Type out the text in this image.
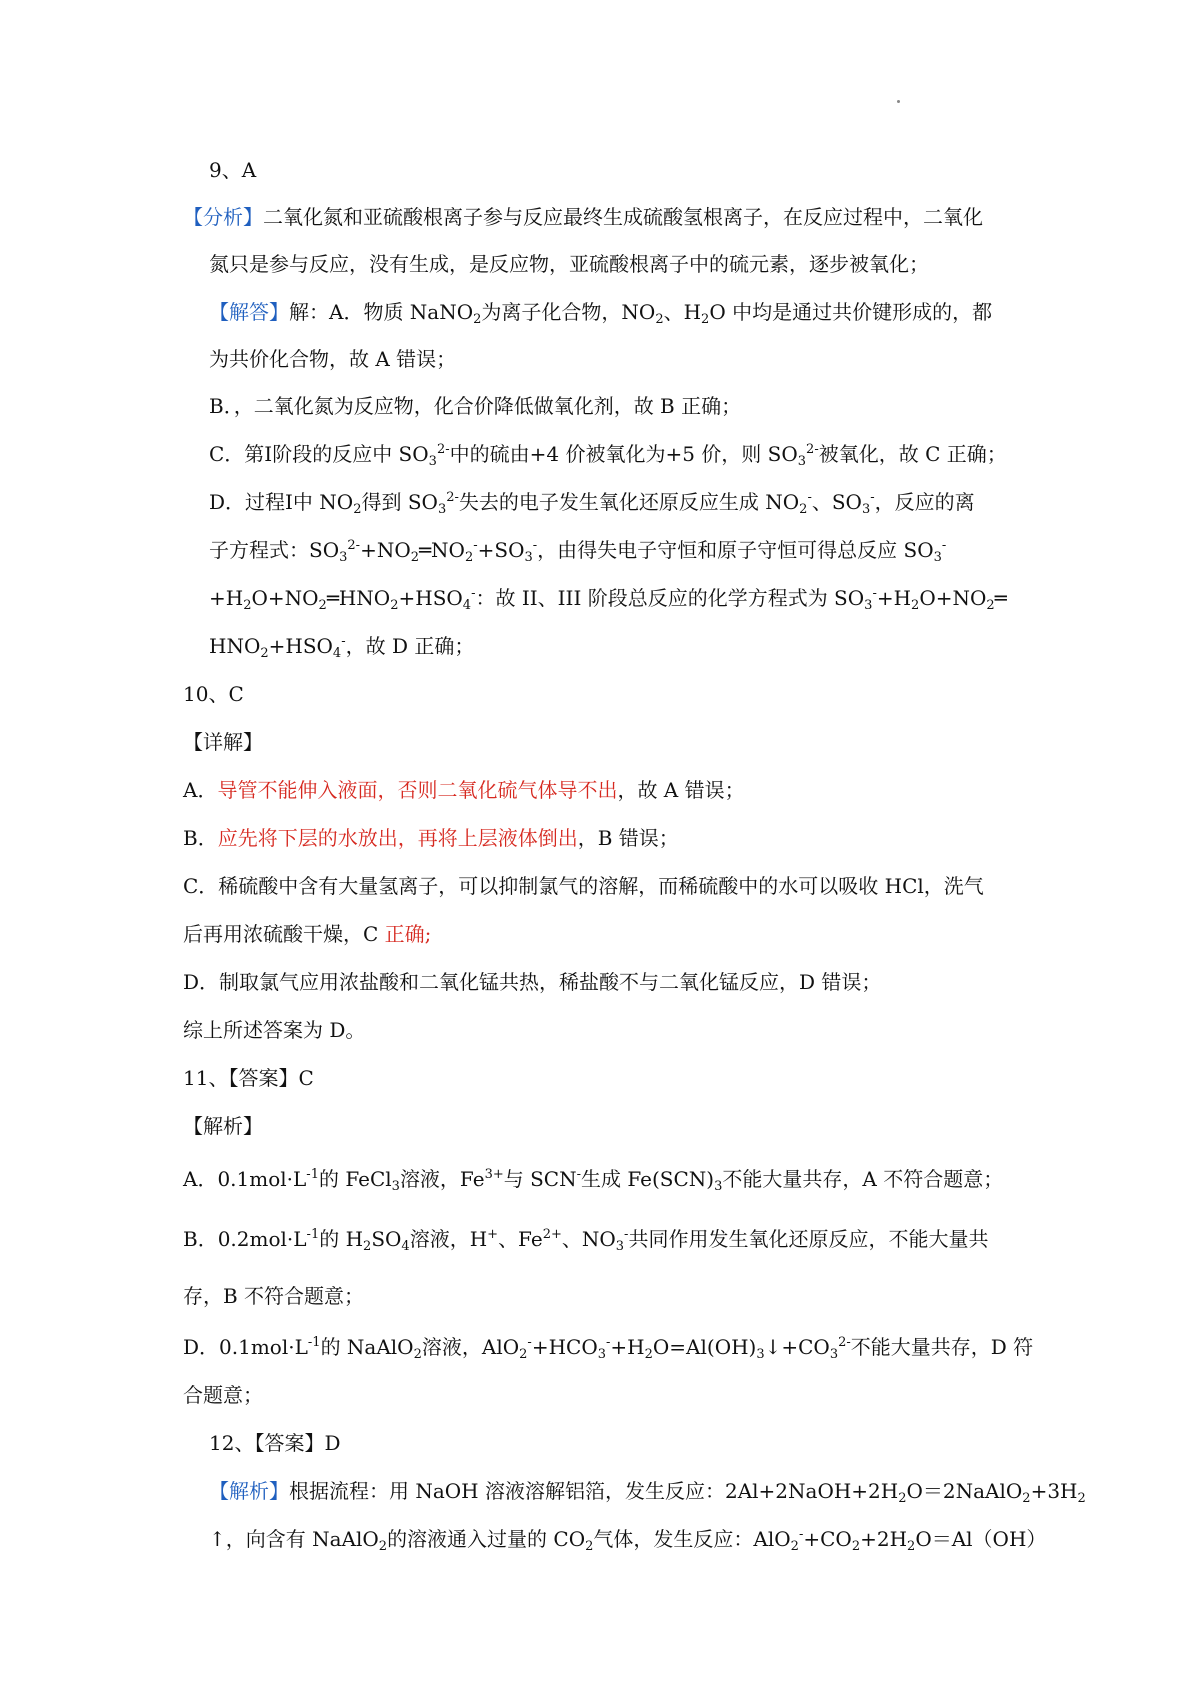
9、A
【分析】二氧化氮和亚硫酸根离子参与反应最终生成硫酸氢根离子，在反应过程中，二氧化
氮只是参与反应，没有生成，是反应物，亚硫酸根离子中的硫元素，逐步被氧化；
【解答】解：A．物质 NaNO$_2$为离子化合物，$NO_2$、$H_2O$ 中均是通过共价键形成的，都
为共价化合物，故 A 错误；
B．，二氧化氮为反应物，化合价降低做氧化剂，故 B 正确；
C．第Ⅰ阶段的反应中 $SO_3^{2-}$中的硫由+4 价被氧化为+5 价，则 $SO_3^{2-}$被氧化，故 C 正确；
D．过程Ⅰ中 $NO_2$得到 $SO_3^{2-}$失去的电子发生氧化还原反应生成 $NO_2^-$、$SO_3^-$，反应的离
子方程式：$SO_3^{2-}+NO_2═NO_2^-+SO_3^-$，由得失电子守恒和原子守恒可得总反应 $SO_3^-$
$+H_2O+NO_2═HNO_2+HSO_4^-$：故 II、III 阶段总反应的化学方程式为 $SO_3^-+H_2O+NO_2═$
$HNO_2+HSO_4^-$，故 D 正确；
10、C
【详解】
A．导管不能伸入液面，否则二氧化硫气体导不出，故 A 错误；
B．应先将下层的水放出，再将上层液体倒出，B 错误；
C．稀硫酸中含有大量氢离子，可以抑制氯气的溶解，而稀硫酸中的水可以吸收 HCl，洗气
后再用浓硫酸干燥，C 正确;
D．制取氯气应用浓盐酸和二氧化锰共热，稀盐酸不与二氧化锰反应，D 错误；
综上所述答案为 D。
11、【答案】C
【解析】
A．$0.1mol\cdot L^{-1}$的 FeCl$_3$溶液，$Fe^{3+}$与 SCN-生成 $Fe(SCN)_3$不能大量共存，A 不符合题意；
B．$0.2mol\cdot L^{-1}$的 $H_2SO_4$溶液，H+、$Fe^{2+}$、$NO_3^-$共同作用发生氧化还原反应，不能大量共
存，B 不符合题意；
D．$0.1mol\cdot L^{-1}$的 NaAlO$_2$溶液，$AlO_2^-+HCO_3^-+H_2O=Al(OH)_3↓+CO_3^{2-}$不能大量共存，D 符
合题意；
12、【答案】D
【解析】根据流程：用 NaOH 溶液溶解铝箔，发生反应：$2Al+2NaOH+2H_2O=2NaAlO_2+3H_2$
↑，向含有 NaAlO$_2$的溶液通入过量的 $CO_2$气体，发生反应：$AlO_2^-+CO_2+2H_2O=Al(OH)$
